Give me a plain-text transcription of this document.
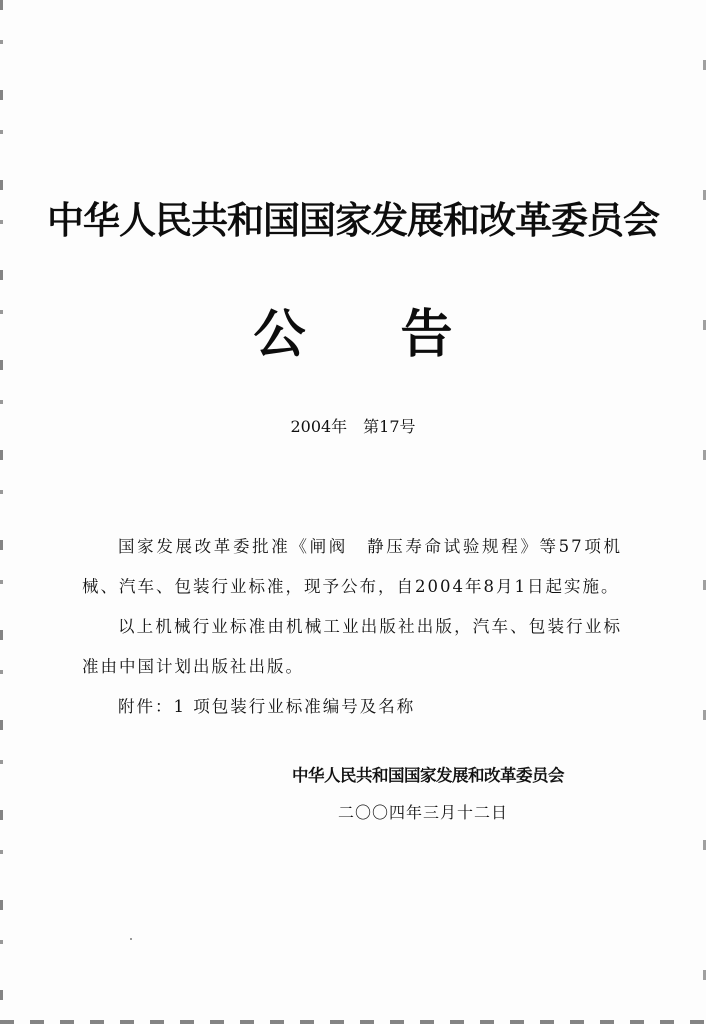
中华人民共和国国家发展和改革委员会
公告
2004年　第17号

国家发展改革委批准《闸阀　静压寿命试验规程》等57项机械、汽车、包装行业标准，现予公布，自2004年8月1日起实施。

以上机械行业标准由机械工业出版社出版，汽车、包装行业标准由中国计划出版社出版。

附件：1 项包装行业标准编号及名称

中华人民共和国国家发展和改革委员会
二〇〇四年三月十二日
